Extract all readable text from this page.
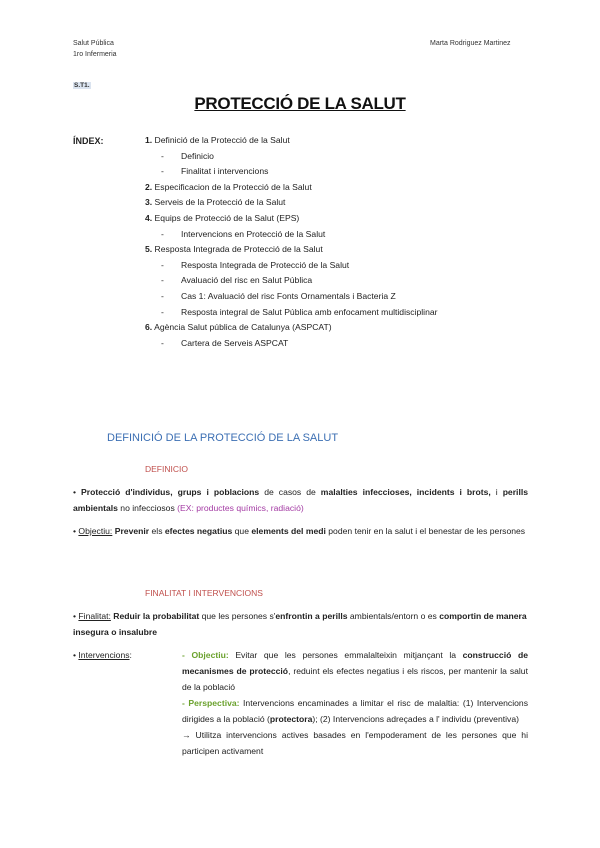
Salut Pública
1ro Infermeria
Marta Rodriguez Martinez
S.T1.
PROTECCIÓ DE LA SALUT
ÍNDEX:	1. Definició de la Protecció de la Salut
- Definicio
- Finalitat i intervencions
2. Especificacion de la Protecció de la Salut
3. Serveis de la Protecció de la Salut
4. Equips de Protecció de la Salut (EPS)
- Intervencions en Protecció de la Salut
5. Resposta Integrada de Protecció de la Salut
- Resposta Integrada de Protecció de la Salut
- Avaluació del risc en Salut Pública
- Cas 1: Avaluació del risc Fonts Ornamentals i Bacteria Z
- Resposta integral de Salut Pública amb enfocament multidisciplinar
6. Agència Salut pública de Catalunya (ASPCAT)
- Cartera de Serveis ASPCAT
DEFINICIÓ DE LA PROTECCIÓ DE LA SALUT
DEFINICIO
• Protecció d'individus, grups i poblacions de casos de malalties infeccioses, incidents i brots, i perills ambientals no infecciosos (EX: productes químics, radiació)
• Objectiu: Prevenir els efectes negatius que elements del medi poden tenir en la salut i el benestar de les persones
FINALITAT I INTERVENCIONS
• Finalitat: Reduir la probabilitat que les persones s'enfrontin a perills ambientals/entorn o es comportin de manera insegura o insalubre
• Intervencions:	- Objectiu: Evitar que les persones emmalalteixin mitjançant la construcció de mecanismes de protecció, reduint els efectes negatius i els riscos, per mantenir la salut de la població
- Perspectiva: Intervencions encaminades a limitar el risc de malaltia: (1) Intervencions dirigides a la població (protectora); (2) Intervencions adreçades a l' individu (preventiva)
→ Utilitza intervencions actives basades en l'empoderament de les persones que hi participen activament
